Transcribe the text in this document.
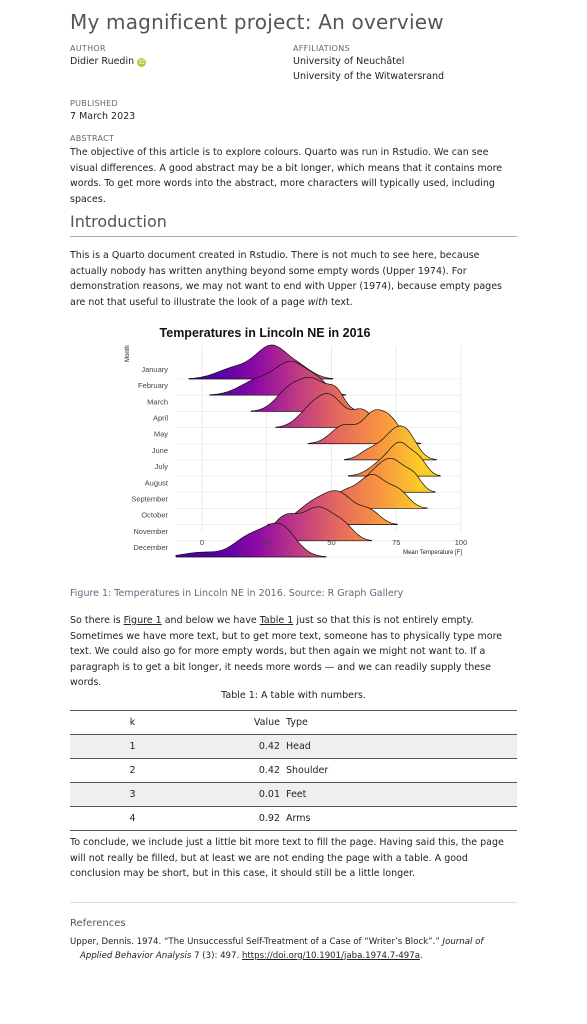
My magnificent project: An overview
AUTHOR
Didier Ruedin iD
AFFILIATIONS
University of Neuchâtel
University of the Witwatersrand
PUBLISHED
7 March 2023
ABSTRACT
The objective of this article is to explore colours. Quarto was run in Rstudio. We can see visual differences. A good abstract may be a bit longer, which means that it contains more words. To get more words into the abstract, more characters will typically used, including spaces.
Introduction
This is a Quarto document created in Rstudio. There is not much to see here, because actually nobody has written anything beyond some empty words (Upper 1974). For demonstration reasons, we may not want to end with Upper (1974), because empty pages are not that useful to illustrate the look of a page with text.
Figure 1: Temperatures in Lincoln NE in 2016. Source: R Graph Gallery
So there is Figure 1 and below we have Table 1 just so that this is not entirely empty. Sometimes we have more text, but to get more text, someone has to physically type more text. We could also go for more empty words, but then again we might not want to. If a paragraph is to get a bit longer, it needs more words — and we can readily supply these words.
Table 1: A table with numbers.
k	Value	Type
1	0.42	Head
2	0.42	Shoulder
3	0.01	Feet
4	0.92	Arms
To conclude, we include just a little bit more text to fill the page. Having said this, the page will not really be filled, but at least we are not ending the page with a table. A good conclusion may be short, but in this case, it should still be a little longer.
References
Upper, Dennis. 1974. “The Unsuccessful Self-Treatment of a Case of “Writer’s Block”.” Journal of Applied Behavior Analysis 7 (3): 497. https://doi.org/10.1901/jaba.1974.7-497a.
January
February
March
April
May
June
July
August
September
October
November
December
0	25	50	75	100
Temperatures in Lincoln NE in 2016
Month
Mean Temperature [F]
